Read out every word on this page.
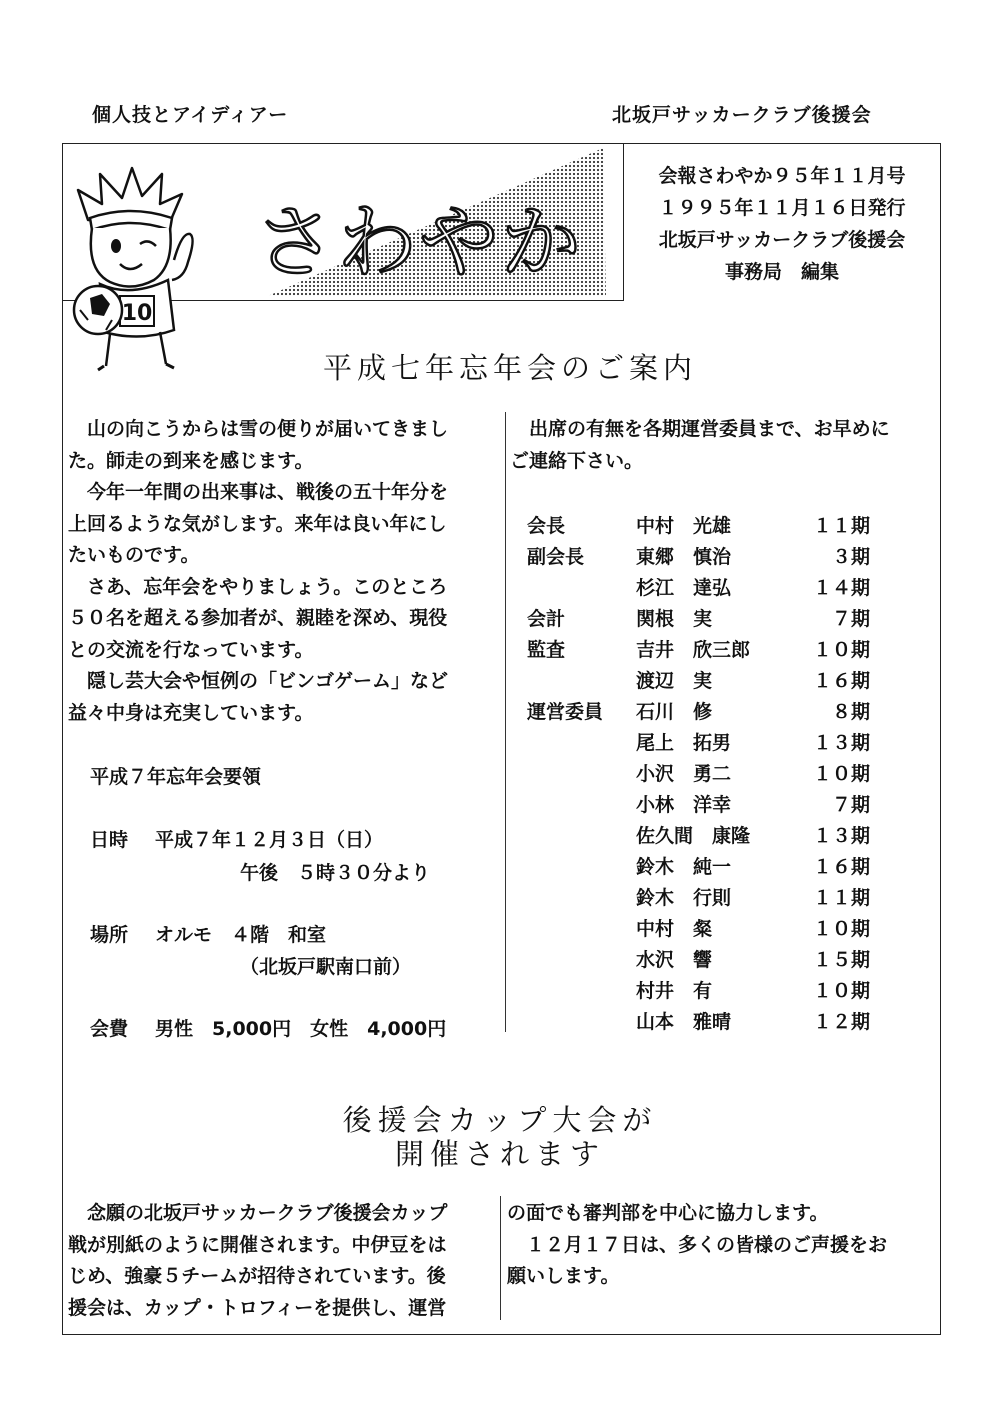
個人技とアイディアー	北坂戸サッカークラブ後援会
10
さわやか
会報さわやか９５年１１月号
１９９５年１１月１６日発行
北坂戸サッカークラブ後援会
事務局　編集
平成七年忘年会のご案内
　山の向こうからは雪の便りが届いてきまし
た。師走の到来を感じます。
　今年一年間の出来事は、戦後の五十年分を
上回るような気がします。来年は良い年にし
たいものです。
　さあ、忘年会をやりましょう。このところ
５０名を超える参加者が、親睦を深め、現役
との交流を行なっています。
　隠し芸大会や恒例の「ビンゴゲーム」など
益々中身は充実しています。
平成７年忘年会要領
日時 平成７年１２月３日（日）
午後　５時３０分より
場所 オルモ　４階　和室
（北坂戸駅南口前）
会費 男性　5,000円　女性　4,000円
　出席の有無を各期運営委員まで、お早めに
ご連絡下さい。
会長	中村　光雄	１１期
副会長	東郷　慎治	３期
杉江　達弘	１４期
会計	関根　実	７期
監査	吉井　欣三郎	１０期
渡辺　実	１６期
運営委員 石川　修	８期
尾上　拓男	１３期
小沢　勇二	１０期
小林　洋幸	７期
佐久間　康隆	１３期
鈴木　純一	１６期
鈴木　行則	１１期
中村　粲	１０期
水沢　響	１５期
村井　有	１０期
山本　雅晴	１２期
後援会カップ大会が
開催されます
　念願の北坂戸サッカークラブ後援会カップ
戦が別紙のように開催されます。中伊豆をは
じめ、強豪５チームが招待されています。後
援会は、カップ・トロフィーを提供し、運営
の面でも審判部を中心に協力します。
　１２月１７日は、多くの皆様のご声援をお
願いします。
